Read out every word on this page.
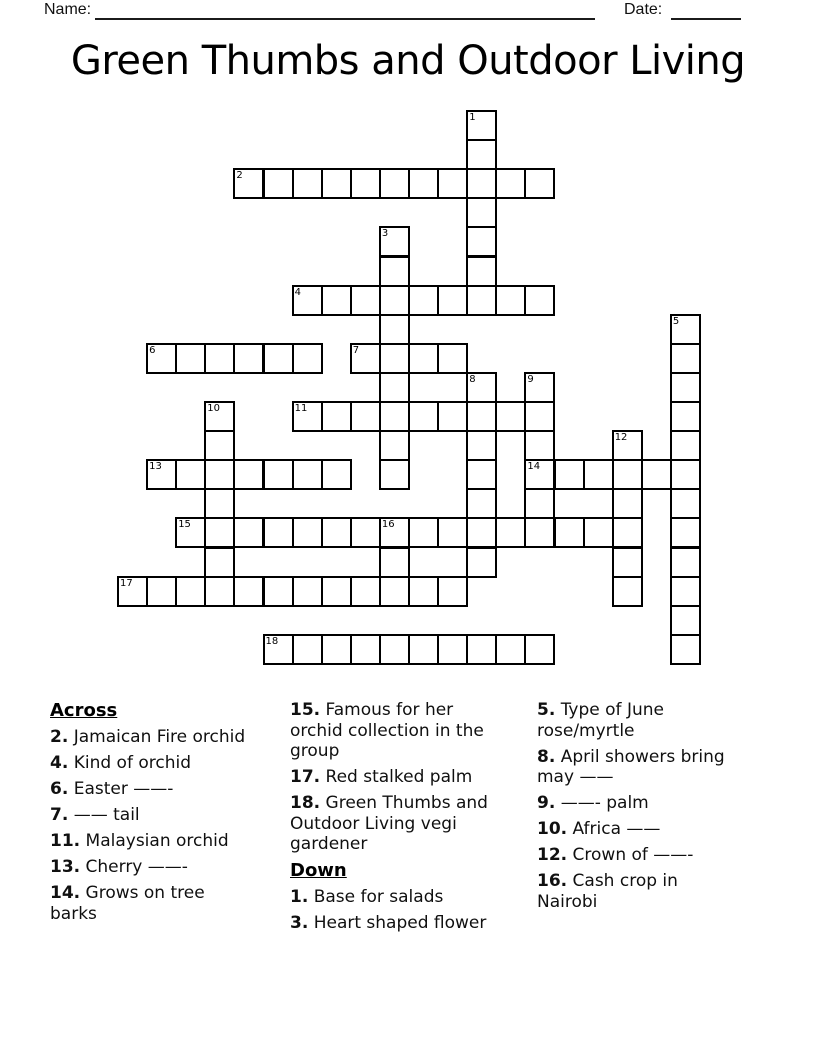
Name:	Date:
Green Thumbs and Outdoor Living
1
2
3
4
5
6	7
8	9
10	11
12
13	14
15	16
17
18
Across
2. Jamaican Fire orchid
4. Kind of orchid
6. Easter ——-
7. —— tail
11. Malaysian orchid
13. Cherry ——-
14. Grows on tree barks
15. Famous for her orchid collection in the group
17. Red stalked palm
18. Green Thumbs and Outdoor Living vegi gardener
Down
1. Base for salads
3. Heart shaped flower
5. Type of June rose/myrtle
8. April showers bring may ——
9. ——- palm
10. Africa ——
12. Crown of ——-
16. Cash crop in Nairobi
